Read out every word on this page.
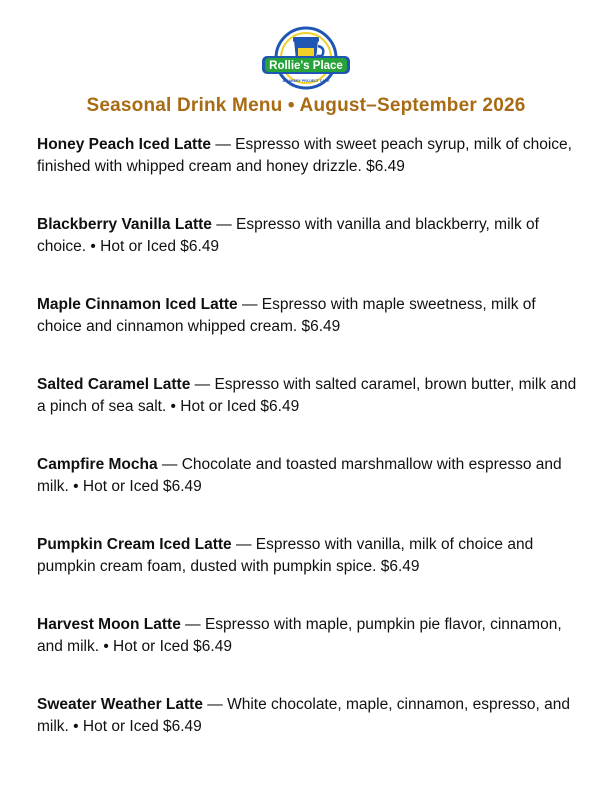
Rollie's Place
A BAKERY PROJECT CAFE
Seasonal Drink Menu • August–September 2026
Honey Peach Iced Latte — Espresso with sweet peach syrup, milk of choice, finished with whipped cream and honey drizzle. $6.49
Blackberry Vanilla Latte — Espresso with vanilla and blackberry, milk of choice. • Hot or Iced $6.49
Maple Cinnamon Iced Latte — Espresso with maple sweetness, milk of choice and cinnamon whipped cream. $6.49
Salted Caramel Latte — Espresso with salted caramel, brown butter, milk and a pinch of sea salt. • Hot or Iced $6.49
Campfire Mocha — Chocolate and toasted marshmallow with espresso and milk. • Hot or Iced $6.49
Pumpkin Cream Iced Latte — Espresso with vanilla, milk of choice and pumpkin cream foam, dusted with pumpkin spice. $6.49
Harvest Moon Latte — Espresso with maple, pumpkin pie flavor, cinnamon, and milk. • Hot or Iced $6.49
Sweater Weather Latte — White chocolate, maple, cinnamon, espresso, and milk. • Hot or Iced $6.49
